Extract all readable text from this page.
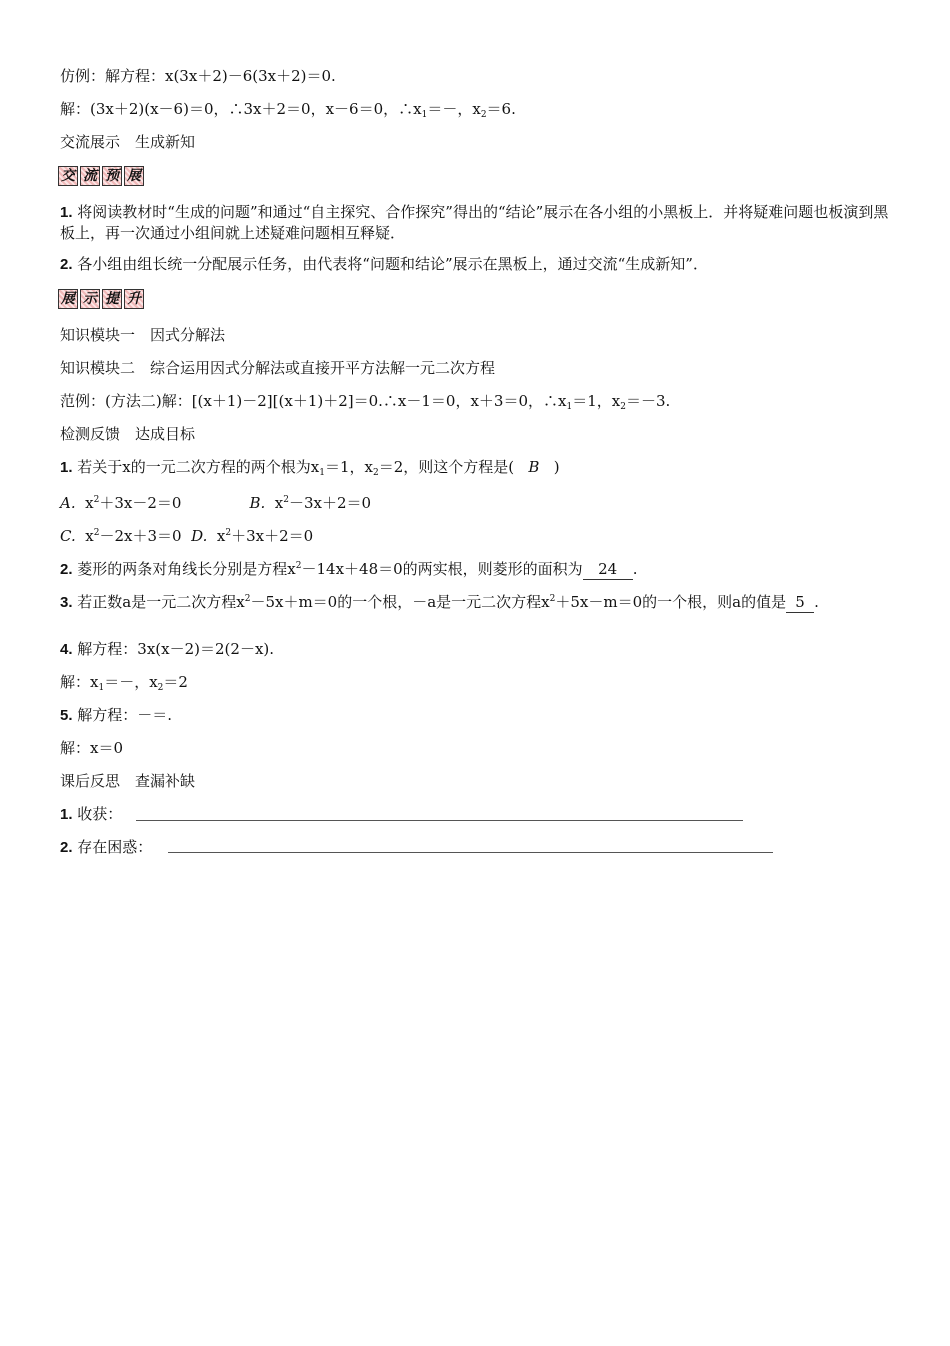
仿例：解方程：x(3x＋2)－6(3x＋2)＝0.
解：(3x＋2)(x－6)＝0，∴3x＋2＝0，x－6＝0，$\therefore x_1=-$，$x_2=6$.
交流展示　生成新知
交 流 预 展
1. 将阅读教材时“生成的问题”和通过“自主探究、合作探究”得出的“结论”展示在各小组的小黑板上．并将疑难问题也板演到黑板上，再一次通过小组间就上述疑难问题相互释疑．
2. 各小组由组长统一分配展示任务，由代表将“问题和结论”展示在黑板上，通过交流“生成新知”．
展 示 提 升
知识模块一　因式分解法
知识模块二　综合运用因式分解法或直接开平方法解一元二次方程
范例：(方法二)解：[(x＋1)－2][(x＋1)＋2]＝0.∴x－1＝0，x＋3＝0，$\therefore x_1=1$，$x_2=-3$.
检测反馈　达成目标
1. 若关于x的一元二次方程的两个根为$x_1=1$，$x_2=2$，则这个方程是( B )
A. $x^2+3x-2=0$	B. $x^2-3x+2=0$
C. $x^2-2x+3=0$ D. $x^2+3x+2=0$
2. 菱形的两条对角线长分别是方程$x^2-14x+48=0$的两实根，则菱形的面积为 24 .
3. 若正数a是一元二次方程$x^2-5x+m=0$的一个根，－a是一元二次方程$x^2+5x-m=0$的一个根，则a的值是 5 .
4. 解方程：3x(x－2)＝2(2－x).
解：$x_1=-$，$x_2=2$
5. 解方程：－＝.
解：x＝0
课后反思　查漏补缺
1. 收获：
2. 存在困惑：
